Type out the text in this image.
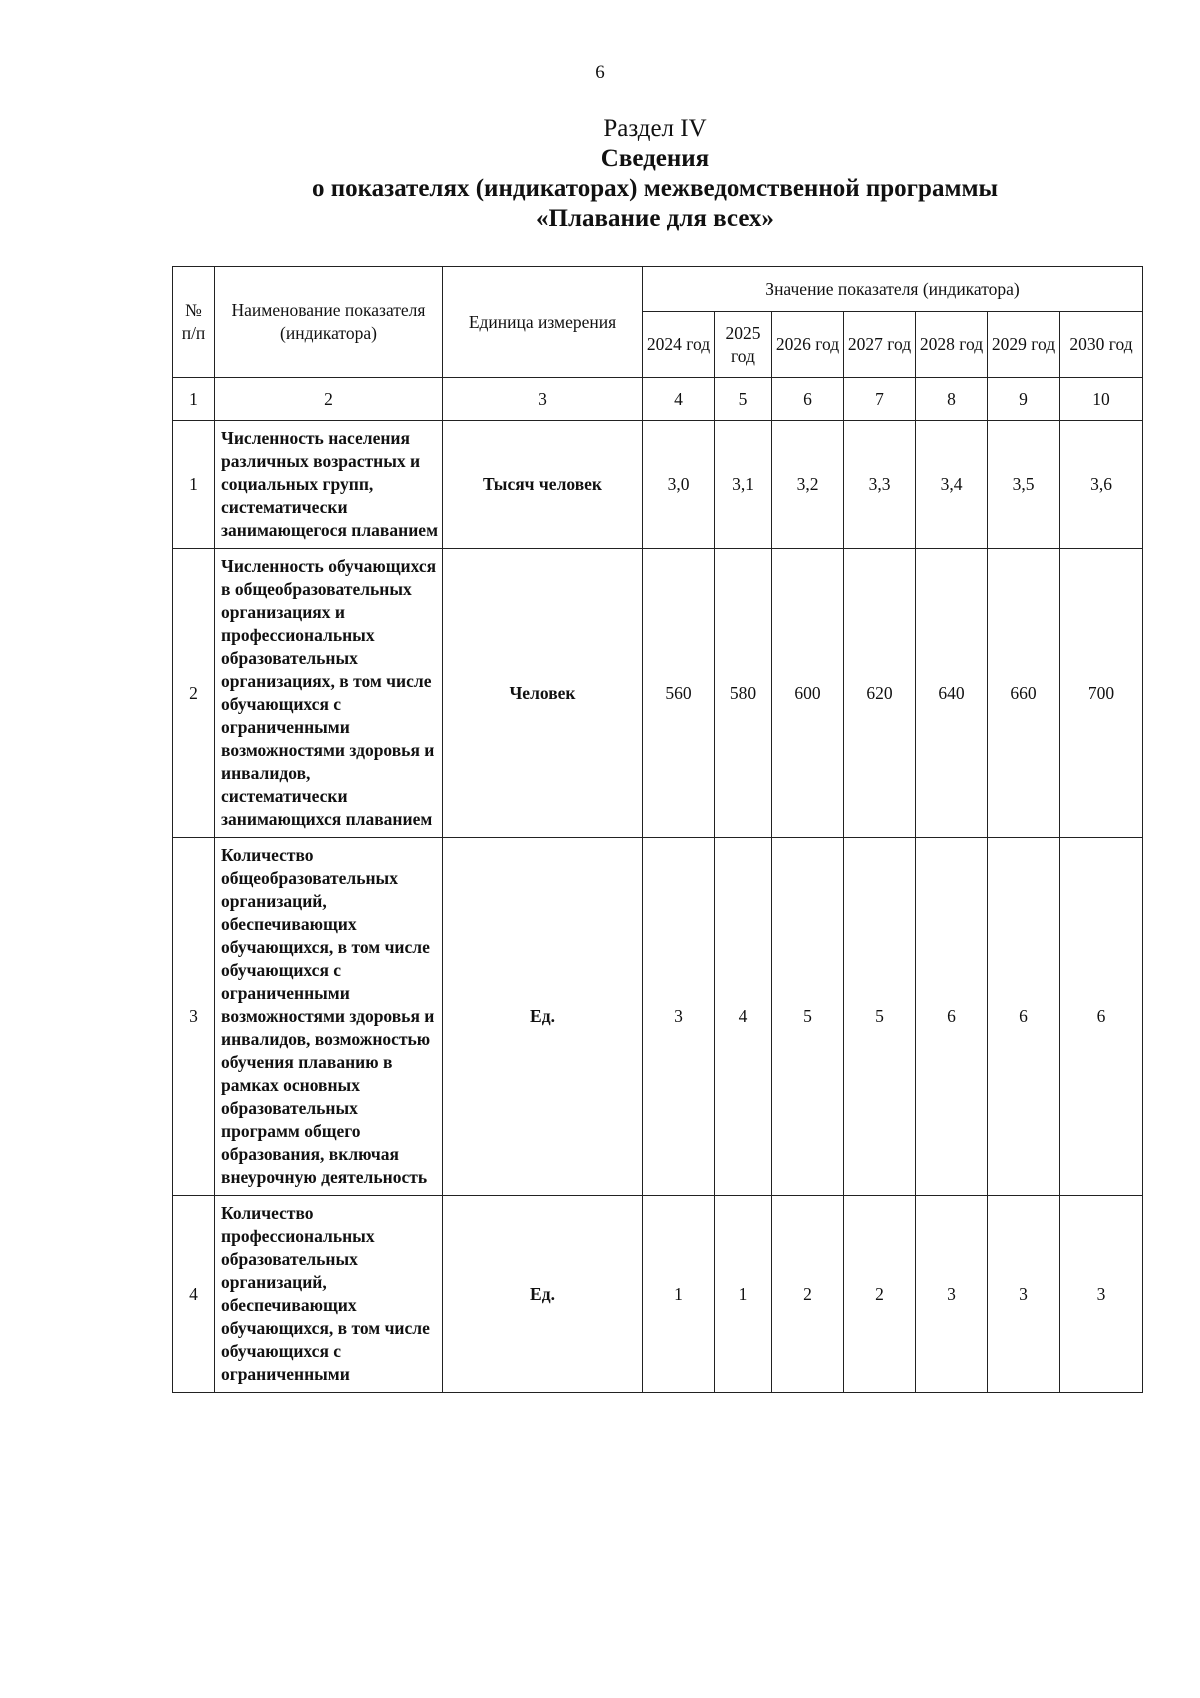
6
Раздел IV
Сведения
о показателях (индикаторах) межведомственной программы
«Плавание для всех»
№ п/п	Наименование показателя (индикатора)	Единица измерения	Значение показателя (индикатора)						
			2024 год	2025 год	2026 год	2027 год	2028 год	2029 год	2030 год
1	2	3	4	5	6	7	8	9	10
1	Численность населения различных возрастных и социальных групп, систематически занимающегося плаванием	Тысяч человек	3,0	3,1	3,2	3,3	3,4	3,5	3,6
2	Численность обучающихся в общеобразовательных организациях и профессиональных образовательных организациях, в том числе обучающихся с ограниченными возможностями здоровья и инвалидов, систематически занимающихся плаванием	Человек	560	580	600	620	640	660	700
3	Количество общеобразовательных организаций, обеспечивающих обучающихся, в том числе обучающихся с ограниченными возможностями здоровья и инвалидов, возможностью обучения плаванию в рамках основных образовательных программ общего образования, включая внеурочную деятельность	Ед.	3	4	5	5	6	6	6
4	Количество профессиональных образовательных организаций, обеспечивающих обучающихся, в том числе обучающихся с ограниченными	Ед.	1	1	2	2	3	3	3
